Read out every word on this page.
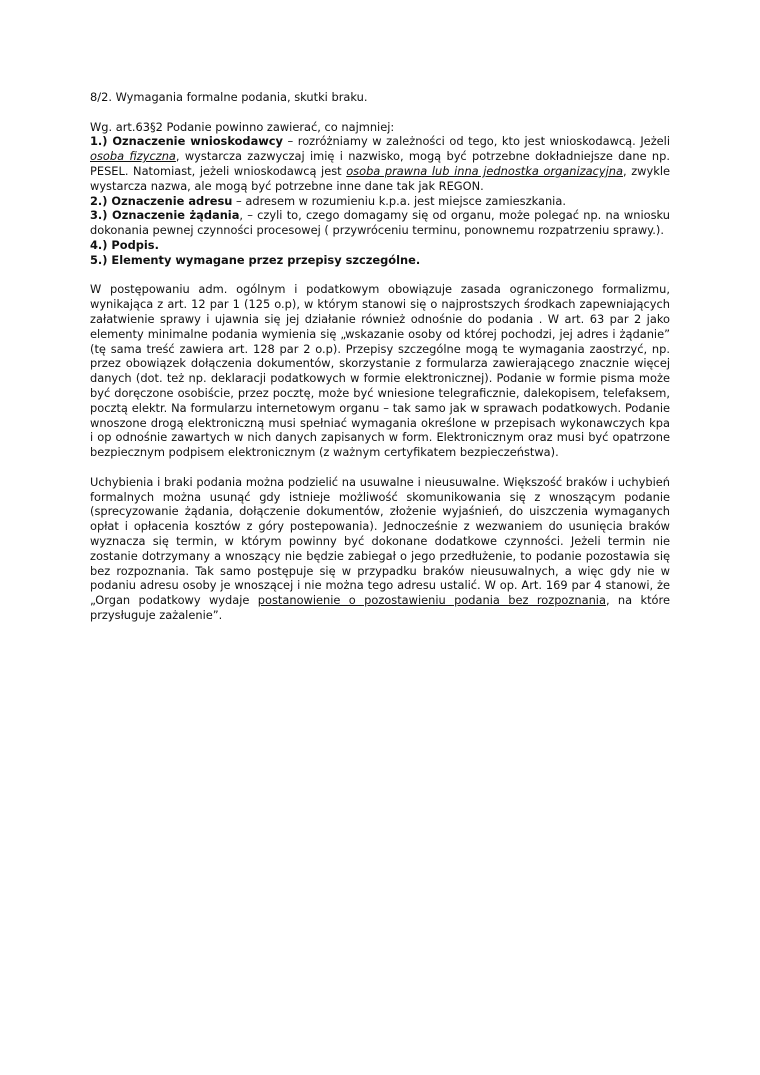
8/2. Wymagania formalne podania, skutki braku.

Wg. art.63§2 Podanie powinno zawierać, co najmniej:

1.) Oznaczenie wnioskodawcy – rozróżniamy w zależności od tego, kto jest wnioskodawcą. Jeżeli osoba fizyczna, wystarcza zazwyczaj imię i nazwisko, mogą być potrzebne dokładniejsze dane np. PESEL. Natomiast, jeżeli wnioskodawcą jest osoba prawna lub inna jednostka organizacyjna, zwykle wystarcza nazwa, ale mogą być potrzebne inne dane tak jak REGON.

2.) Oznaczenie adresu – adresem w rozumieniu k.p.a. jest miejsce zamieszkania.

3.) Oznaczenie żądania, – czyli to, czego domagamy się od organu, może polegać np. na wniosku dokonania pewnej czynności procesowej ( przywróceniu terminu, ponownemu rozpatrzeniu sprawy.).

4.) Podpis.

5.) Elementy wymagane przez przepisy szczególne.

W postępowaniu adm. ogólnym i podatkowym obowiązuje zasada ograniczonego formalizmu, wynikająca z art. 12 par 1 (125 o.p), w którym stanowi się o najprostszych środkach zapewniających załatwienie sprawy i ujawnia się jej działanie również odnośnie do podania . W art. 63 par 2 jako elementy minimalne podania wymienia się „wskazanie osoby od której pochodzi, jej adres i żądanie” (tę sama treść zawiera art. 128 par 2 o.p). Przepisy szczególne mogą te wymagania zaostrzyć, np. przez obowiązek dołączenia dokumentów, skorzystanie z formularza zawierającego znacznie więcej danych (dot. też np. deklaracji podatkowych w formie elektronicznej). Podanie w formie pisma może być doręczone osobiście, przez pocztę, może być wniesione telegraficznie, dalekopisem, telefaksem, pocztą elektr. Na formularzu internetowym organu – tak samo jak w sprawach podatkowych. Podanie wnoszone drogą elektroniczną musi spełniać wymagania określone w przepisach wykonawczych kpa i op odnośnie zawartych w nich danych zapisanych w form. Elektronicznym oraz musi być opatrzone bezpiecznym podpisem elektronicznym (z ważnym certyfikatem bezpieczeństwa).

Uchybienia i braki podania można podzielić na usuwalne i nieusuwalne. Większość braków i uchybień formalnych można usunąć gdy istnieje możliwość skomunikowania się z wnoszącym podanie (sprecyzowanie żądania, dołączenie dokumentów, złożenie wyjaśnień, do uiszczenia wymaganych opłat i opłacenia kosztów z góry postepowania). Jednocześnie z wezwaniem do usunięcia braków wyznacza się termin, w którym powinny być dokonane dodatkowe czynności. Jeżeli termin nie zostanie dotrzymany a wnoszący nie będzie zabiegał o jego przedłużenie, to podanie pozostawia się bez rozpoznania. Tak samo postępuje się w przypadku braków nieusuwalnych, a więc gdy nie w podaniu adresu osoby je wnoszącej i nie można tego adresu ustalić. W op. Art. 169 par 4 stanowi, że „Organ podatkowy wydaje postanowienie o pozostawieniu podania bez rozpoznania, na które przysługuje zażalenie”.
